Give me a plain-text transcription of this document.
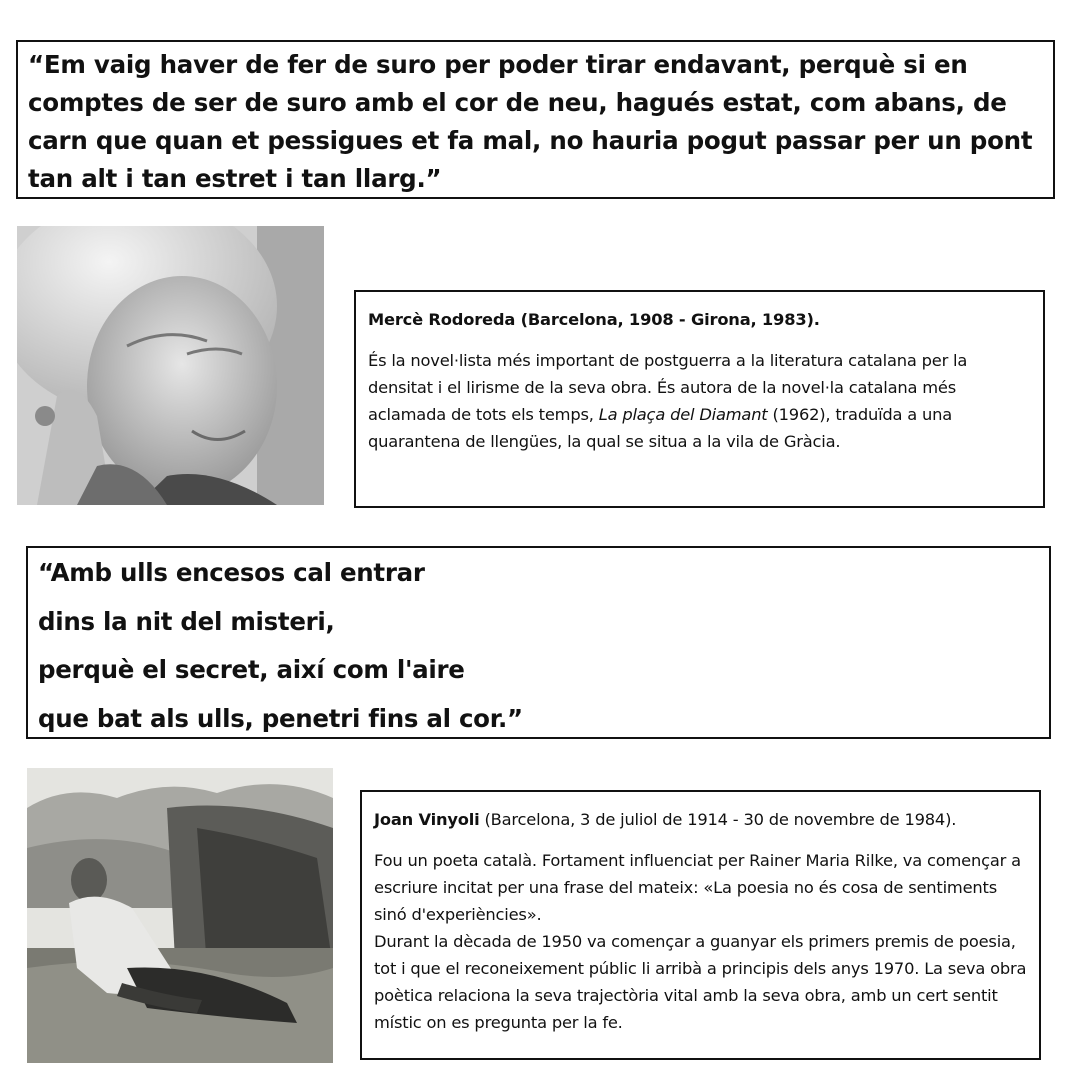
“Em vaig haver de fer de suro per poder tirar endavant, perquè si en comptes de ser de suro amb el cor de neu, hagués estat, com abans, de carn que quan et pessigues et fa mal, no hauria pogut passar per un pont tan alt i tan estret i tan llarg.”
Mercè Rodoreda (Barcelona, 1908 - Girona, 1983).

És la novel·lista més important de postguerra a la literatura catalana per la densitat i el lirisme de la seva obra. És autora de la novel·la catalana més aclamada de tots els temps, La plaça del Diamant (1962), traduïda a una quarantena de llengües, la qual se situa a la vila de Gràcia.

“Amb ulls encesos cal entrar
dins la nit del misteri,
perquè el secret, així com l'aire
que bat als ulls, penetri fins al cor.”
Joan Vinyoli (Barcelona, 3 de juliol de 1914 - 30 de novembre de 1984).

Fou un poeta català. Fortament influenciat per Rainer Maria Rilke, va començar a escriure incitat per una frase del mateix: «La poesia no és cosa de sentiments sinó d'experiències».

Durant la dècada de 1950 va començar a guanyar els primers premis de poesia, tot i que el reconeixement públic li arribà a principis dels anys 1970. La seva obra poètica relaciona la seva trajectòria vital amb la seva obra, amb un cert sentit místic on es pregunta per la fe.
